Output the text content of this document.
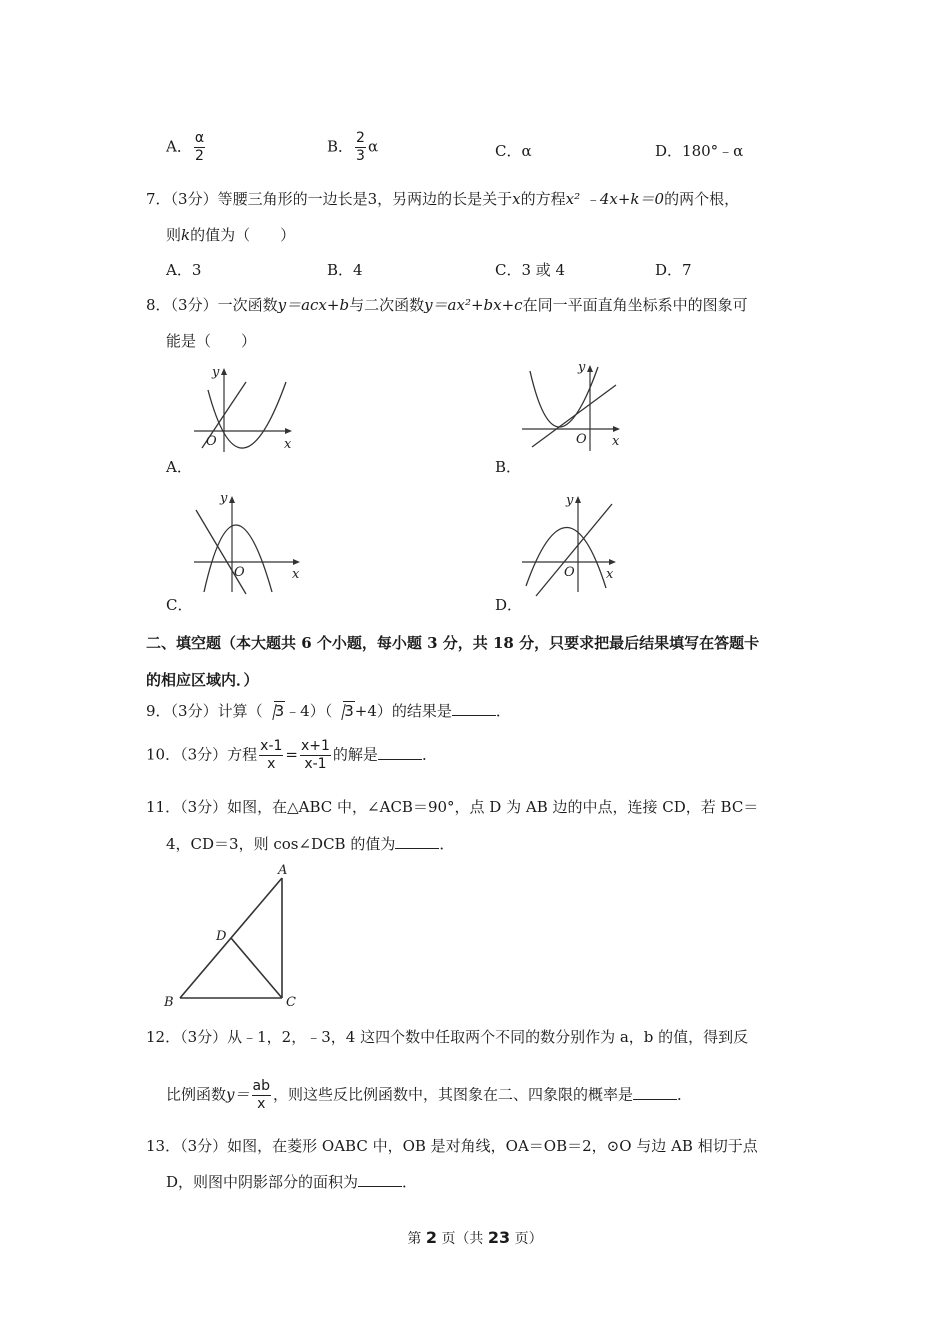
A． $\frac{\alpha}{2}$	B． $\frac{2}{3}$ α	C．α	D．180°﹣α
7．（3分）等腰三角形的一边长是3，另两边的长是关于x的方程x² ﹣4x+k＝0的两个根，
则k的值为（　　）
A．3	B．4	C．3 或 4	D．7
8．（3分）一次函数y＝acx+b与二次函数y＝ax²+bx+c在同一平面直角坐标系中的图象可
能是（　　）
x
y
O
A．
x
y
O
B．
x
y
O
C．
x
y
O
D．
二、填空题（本大题共 6 个小题，每小题 3 分，共 18 分，只要求把最后结果填写在答题卡
的相应区域内．）
9．（3分）计算（ 3﹣4）（ 3+4）的结果是	．
10．（3分）方程 $\frac{x-1}{x} = \frac{x+1}{x-1}$ 的解是	．
11．（3分）如图，在△ABC 中，∠ACB＝90°，点 D 为 AB 边的中点，连接 CD，若 BC＝
4，CD＝3，则 cos∠DCB 的值为	．
A
B	C
D
12．（3分）从﹣1，2，﹣3，4 这四个数中任取两个不同的数分别作为 a，b 的值，得到反
比例函数$y= \frac{ab}{x}$ ，则这些反比例函数中，其图象在二、四象限的概率是	．
13．（3分）如图，在菱形 OABC 中，OB 是对角线，OA＝OB＝2，⊙O 与边 AB 相切于点
D，则图中阴影部分的面积为	．
第 2 页（共 23 页）
